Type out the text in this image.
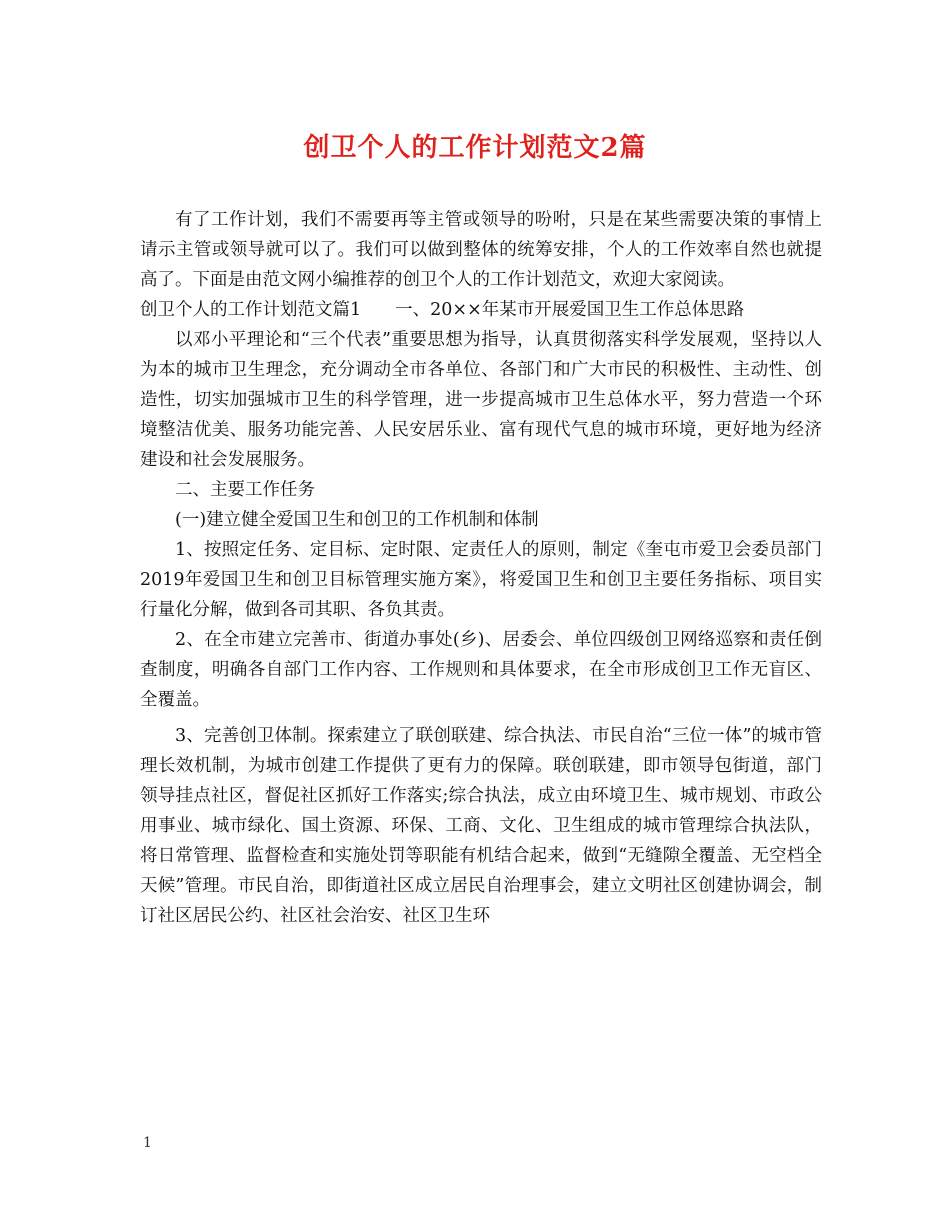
创卫个人的工作计划范文2篇

有了工作计划，我们不需要再等主管或领导的吩咐，只是在某些需要决策的事情上请示主管或领导就可以了。我们可以做到整体的统筹安排，个人的工作效率自然也就提高了。下面是由范文网小编推荐的创卫个人的工作计划范文，欢迎大家阅读。

创卫个人的工作计划范文篇1 一、20××年某市开展爱国卫生工作总体思路

以邓小平理论和“三个代表”重要思想为指导，认真贯彻落实科学发展观，坚持以人为本的城市卫生理念，充分调动全市各单位、各部门和广大市民的积极性、主动性、创造性，切实加强城市卫生的科学管理，进一步提高城市卫生总体水平，努力营造一个环境整洁优美、服务功能完善、人民安居乐业、富有现代气息的城市环境，更好地为经济建设和社会发展服务。

二、主要工作任务

(一)建立健全爱国卫生和创卫的工作机制和体制

1、按照定任务、定目标、定时限、定责任人的原则，制定《奎屯市爱卫会委员部门2019年爱国卫生和创卫目标管理实施方案》，将爱国卫生和创卫主要任务指标、项目实行量化分解，做到各司其职、各负其责。

2、在全市建立完善市、街道办事处(乡)、居委会、单位四级创卫网络巡察和责任倒查制度，明确各自部门工作内容、工作规则和具体要求，在全市形成创卫工作无盲区、全覆盖。

3、完善创卫体制。探索建立了联创联建、综合执法、市民自治“三位一体”的城市管理长效机制，为城市创建工作提供了更有力的保障。联创联建，即市领导包街道，部门领导挂点社区，督促社区抓好工作落实;综合执法，成立由环境卫生、城市规划、市政公用事业、城市绿化、国土资源、环保、工商、文化、卫生组成的城市管理综合执法队，将日常管理、监督检查和实施处罚等职能有机结合起来，做到“无缝隙全覆盖、无空档全天候”管理。市民自治，即街道社区成立居民自治理事会，建立文明社区创建协调会，制订社区居民公约、社区社会治安、社区卫生环

1
